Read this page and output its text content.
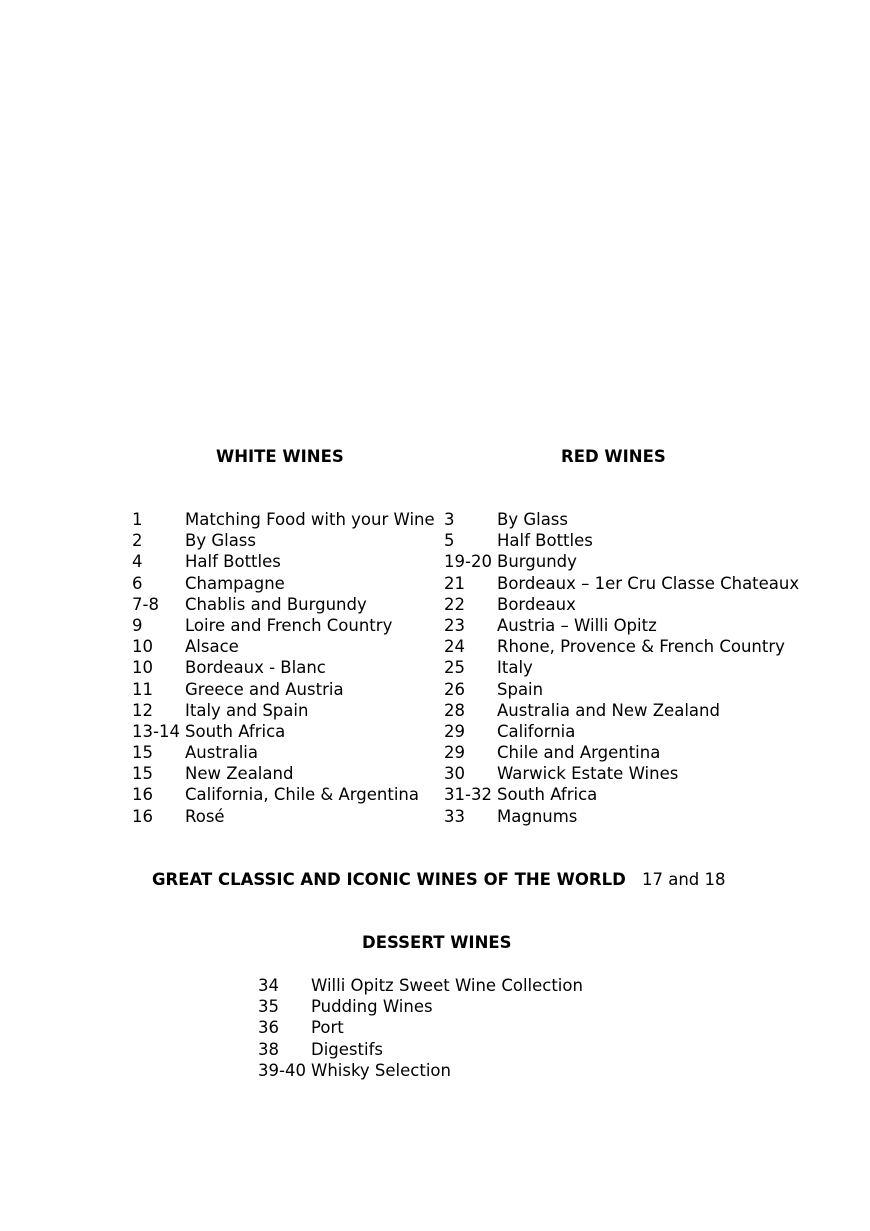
WHITE WINES	RED WINES
1	Matching Food with your Wine
2	By Glass
4	Half Bottles
6	Champagne
7-8 Chablis and Burgundy
9	Loire and French Country
10 Alsace
10 Bordeaux - Blanc
11 Greece and Austria
12 Italy and Spain
13-14 South Africa
15 Australia
15 New Zealand
16 California, Chile & Argentina
16 Rosé
3	By Glass
5	Half Bottles
19-20 Burgundy
21 Bordeaux – 1er Cru Classe Chateaux
22 Bordeaux
23 Austria – Willi Opitz
24 Rhone, Provence & French Country
25 Italy
26 Spain
28 Australia and New Zealand
29 California
29 Chile and Argentina
30 Warwick Estate Wines
31-32 South Africa
33 Magnums
GREAT CLASSIC AND ICONIC WINES OF THE WORLD 17 and 18
DESSERT WINES
34 Willi Opitz Sweet Wine Collection
35 Pudding Wines
36 Port
38 Digestifs
39-40 Whisky Selection
